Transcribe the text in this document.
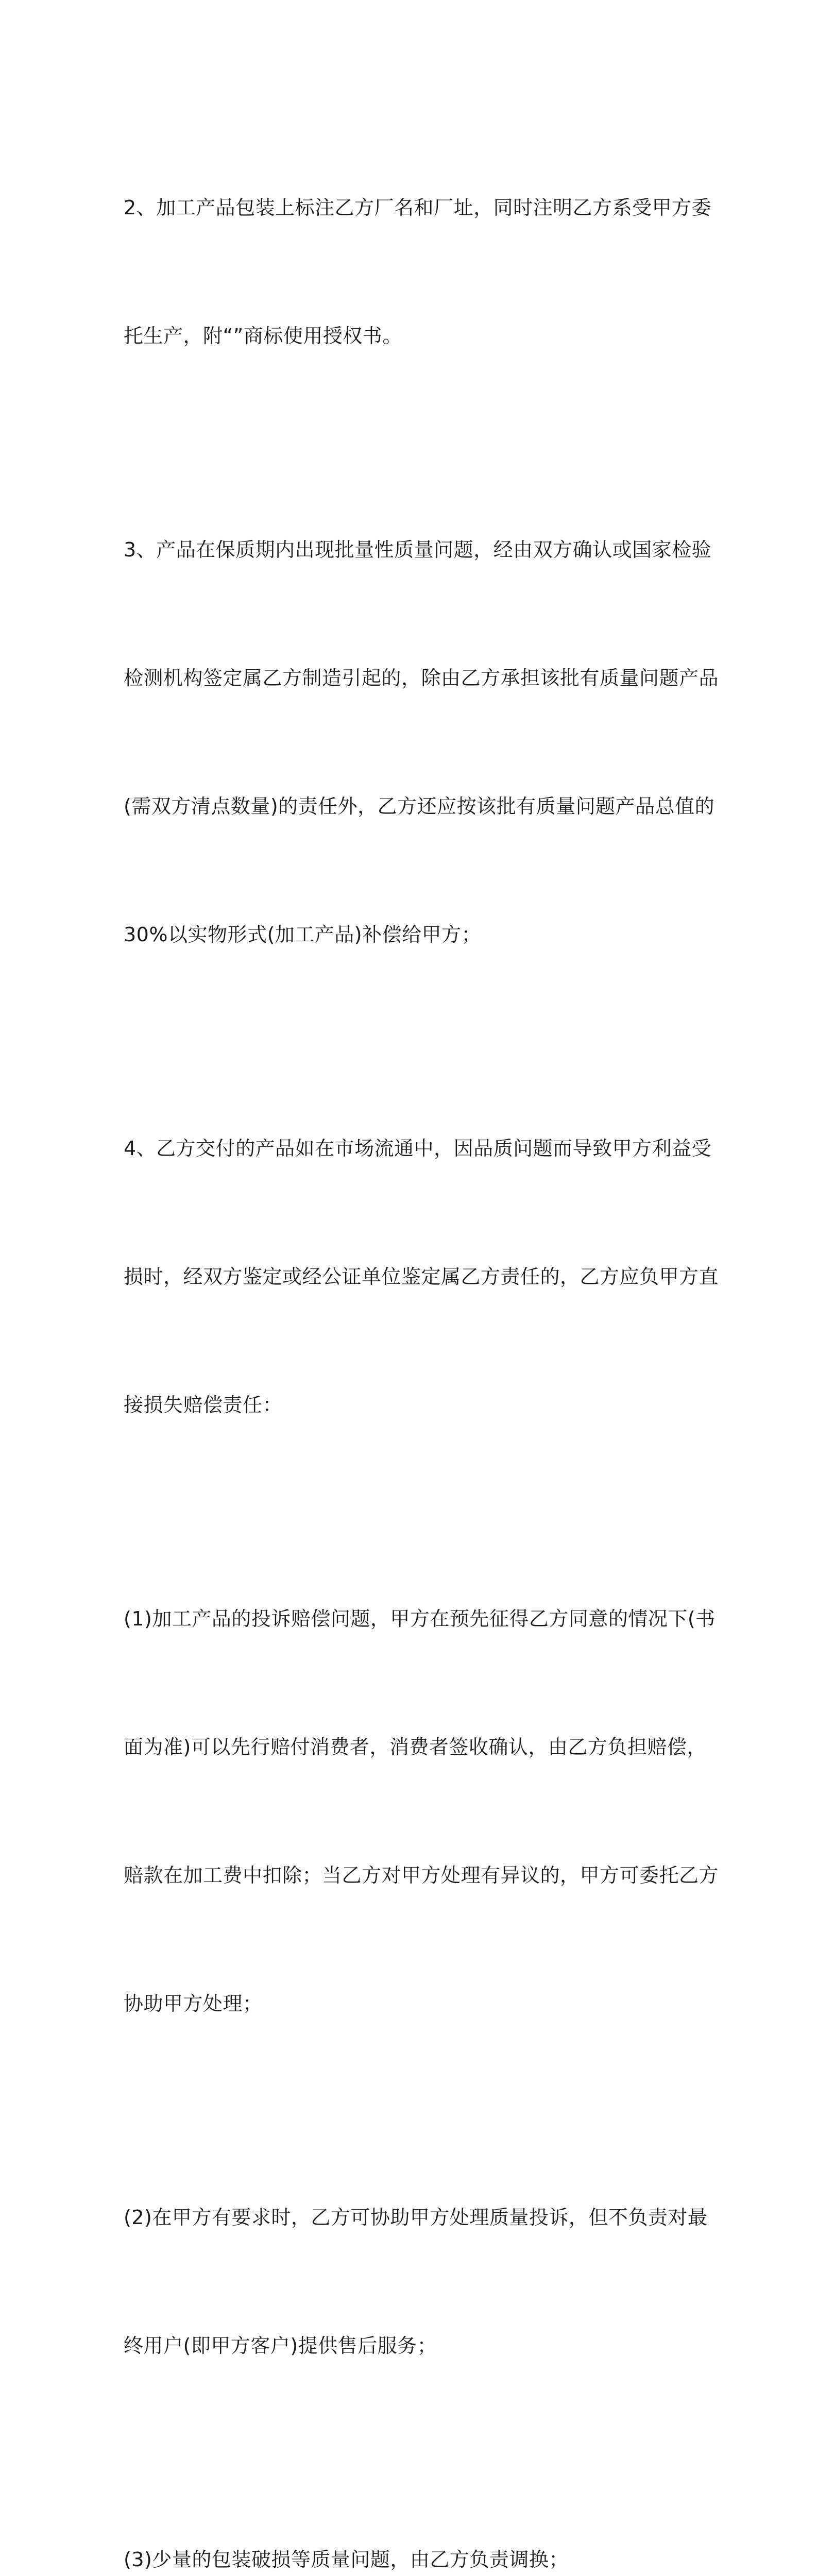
2、加工产品包装上标注乙方厂名和厂址，同时注明乙方系受甲方委

托生产，附“”商标使用授权书。

3、产品在保质期内出现批量性质量问题，经由双方确认或国家检验

检测机构签定属乙方制造引起的，除由乙方承担该批有质量问题产品

(需双方清点数量)的责任外，乙方还应按该批有质量问题产品总值的

30%以实物形式(加工产品)补偿给甲方；

4、乙方交付的产品如在市场流通中，因品质问题而导致甲方利益受

损时，经双方鉴定或经公证单位鉴定属乙方责任的，乙方应负甲方直

接损失赔偿责任：

(1)加工产品的投诉赔偿问题，甲方在预先征得乙方同意的情况下(书

面为准)可以先行赔付消费者，消费者签收确认，由乙方负担赔偿，

赔款在加工费中扣除；当乙方对甲方处理有异议的，甲方可委托乙方

协助甲方处理；

(2)在甲方有要求时，乙方可协助甲方处理质量投诉，但不负责对最

终用户(即甲方客户)提供售后服务；

(3)少量的包装破损等质量问题，由乙方负责调换；
